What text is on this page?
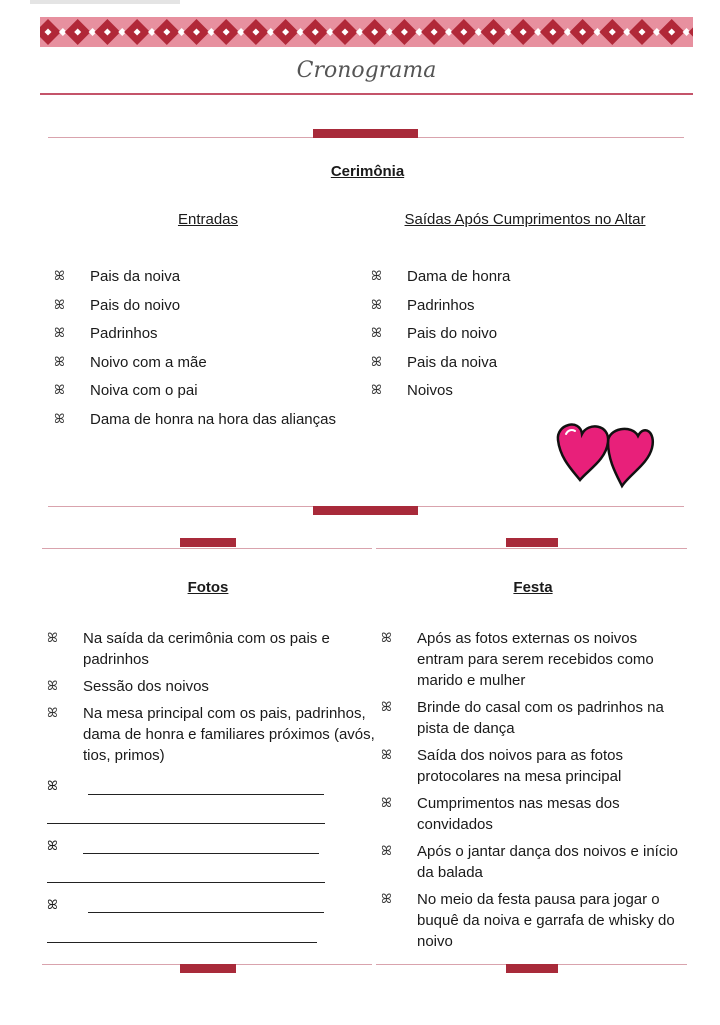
Cronograma
Cerimônia
Entradas	Saídas Após Cumprimentos no Altar
ꕤ Pais da noiva
ꕤ Pais do noivo
ꕤ Padrinhos
ꕤ Noivo com a mãe
ꕤ Noiva com o pai
ꕤ Dama de honra na hora das alianças
ꕤ Dama de honra
ꕤ Padrinhos
ꕤ Pais do noivo
ꕤ Pais da noiva
ꕤ Noivos
Fotos	Festa
ꕤ Na saída da cerimônia com os pais e padrinhos
ꕤ Sessão dos noivos
ꕤ Na mesa principal com os pais, padrinhos, dama de honra e familiares próximos (avós, tios, primos)
ꕤ
ꕤ
ꕤ
ꕤ Após as fotos externas os noivos entram para serem recebidos como marido e mulher
ꕤ Brinde do casal com os padrinhos na pista de dança
ꕤ Saída dos noivos para as fotos protocolares na mesa principal
ꕤ Cumprimentos nas mesas dos convidados
ꕤ Após o jantar dança dos noivos e início da balada
ꕤ No meio da festa pausa para jogar o buquê da noiva e garrafa de whisky do noivo
